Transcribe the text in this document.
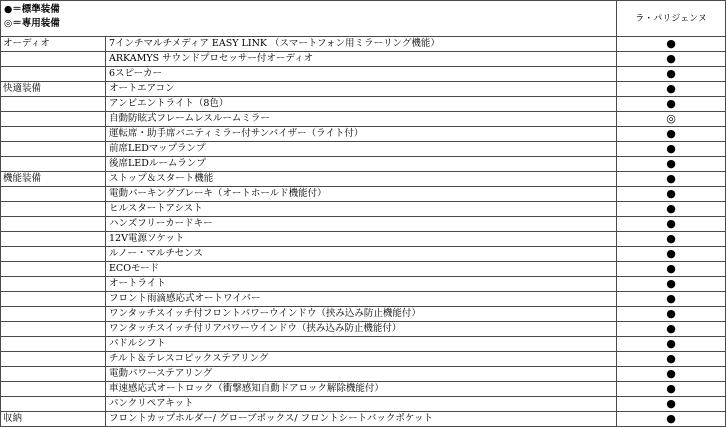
●＝標準装備
◎＝専用装備		ラ・パリジェンヌ
オーディオ	7インチマルチメディア EASY LINK （スマートフォン用ミラーリング機能）	●
	ARKAMYS サウンドプロセッサー付オーディオ	●
	6スピーカー	●
快適装備	オートエアコン	●
	アンビエントライト（8色）	●
	自動防眩式フレームレスルームミラー	◎
	運転席・助手席バニティミラー付サンバイザー（ライト付）	●
	前席LEDマップランプ	●
	後席LEDルームランプ	●
機能装備	ストップ＆スタート機能	●
	電動パーキングブレーキ（オートホールド機能付）	●
	ヒルスタートアシスト	●
	ハンズフリーカードキー	●
	12V電源ソケット	●
	ルノー・マルチセンス	●
	ECOモード	●
	オートライト	●
	フロント雨滴感応式オートワイパー	●
	ワンタッチスイッチ付フロントパワーウインドウ（挟み込み防止機能付）	●
	ワンタッチスイッチ付リアパワーウインドウ（挟み込み防止機能付）	●
	パドルシフト	●
	チルト＆テレスコピックステアリング	●
	電動パワーステアリング	●
	車速感応式オートロック（衝撃感知自動ドアロック解除機能付）	●
	パンクリペアキット	●
収納	フロントカップホルダー/ グローブボックス/ フロントシートバックポケット	●
